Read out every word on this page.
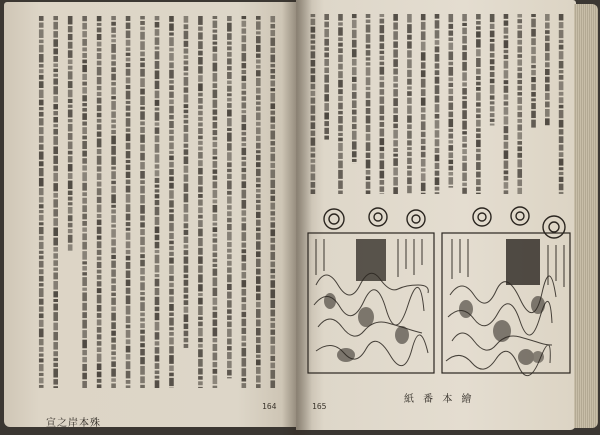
宣之岸本殊
164	165
紙 番 本 繪
